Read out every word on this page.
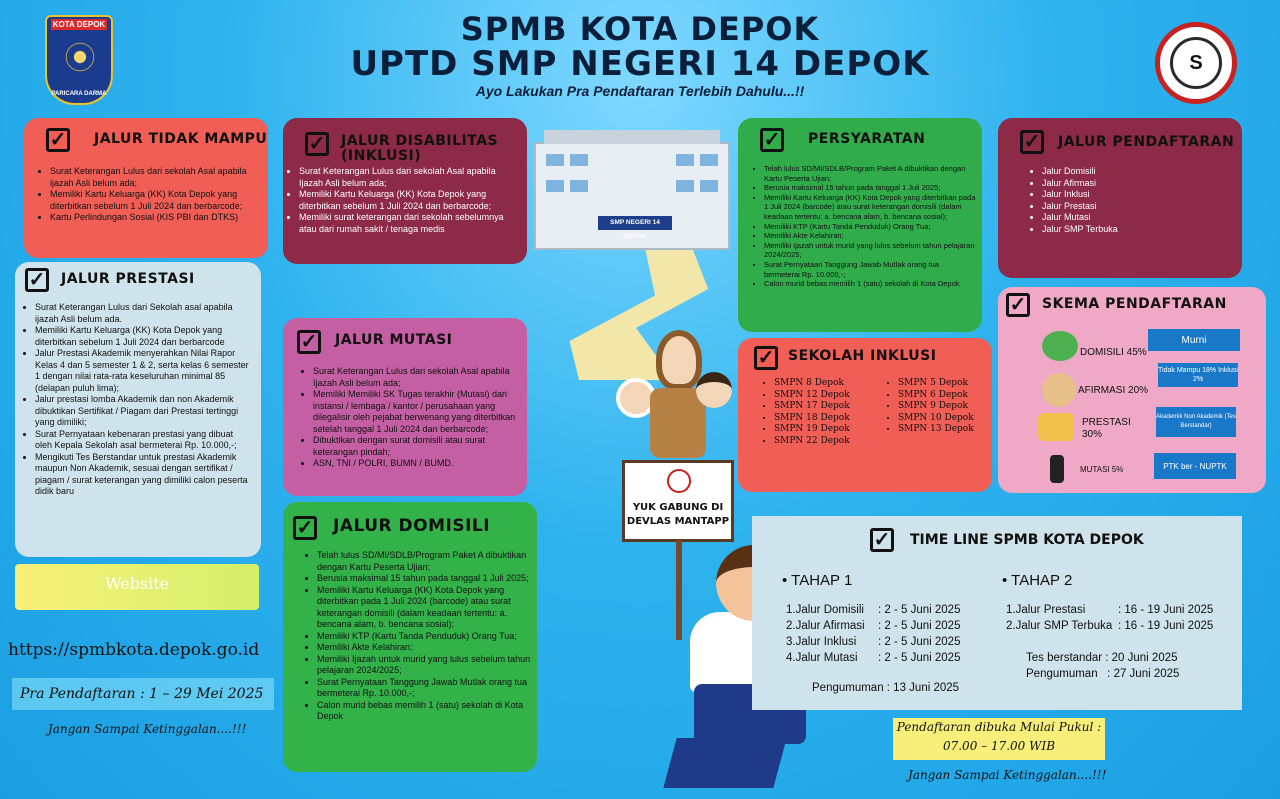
KOTA DEPOK
PARICARA DARMA
SPMB KOTA DEPOK
UPTD SMP NEGERI 14 DEPOK
Ayo Lakukan Pra Pendaftaran Terlebih Dahulu...!!
S
✓ JALUR TIDAK MAMPU
• Surat Keterangan Lulus dari sekolah Asal apabila ijazah Asli belum ada;
• Memiliki Kartu Keluarga (KK) Kota Depok yang diterbitkan sebelum 1 Juli 2024 dan berbarcode;
• Kartu Perlindungan Sosial (KIS PBI dan DTKS)
✓ JALUR DISABILITAS (INKLUSI)
• Surat Keterangan Lulus dari sekolah Asal apabila Ijazah Asli belum ada;
• Memiliki Kartu Keluarga (KK) Kota Depok yang diterbitkan sebelum 1 Juli 2024 dan berbarcode;
• Memiliki surat keterangan dari sekolah sebelumnya atau dari rumah sakit / tenaga medis
✓ JALUR PRESTASI
• Surat Keterangan Lulus dari Sekolah asal apabila ijazah Asli belum ada.
• Memiliki Kartu Keluarga (KK) Kota Depok yang diterbitkan sebelum 1 Juli 2024 dan berbarcode
• Jalur Prestasi Akademik menyerahkan Nilai Rapor Kelas 4 dan 5 semester 1 & 2, serta kelas 6 semester 1 dengan nilai rata-rata keseluruhan minimal 85 (delapan puluh lima);
• Jalur prestasi lomba Akademik dan non Akademik dibuktikan Sertifikat / Piagam dari Prestasi tertinggi yang dimiliki;
• Surat Pernyataan kebenaran prestasi yang dibuat oleh Kepala Sekolah asal bermeterai Rp. 10.000,-;
• Mengikuti Tes Berstandar untuk prestasi Akademik maupun Non Akademik, sesuai dengan sertifikat / piagam / surat keterangan yang dimiliki calon peserta didik baru
✓ JALUR MUTASI
• Surat Keterangan Lulus dari sekolah Asal apabila Ijazah Asli belum ada;
• Memiliki Memiliki SK Tugas terakhir (Mutasi) dari instansi / lembaga / kantor / perusahaan yang dilegalisir oleh pejabat berwenang yang diterbitkan setelah tanggal 1 Juli 2024 dan berbarcode;
• Dibuktikan dengan surat domisili atau surat keterangan pindah;
• ASN, TNI / POLRI, BUMN / BUMD.
✓ JALUR DOMISILI
• Telah lulus SD/MI/SDLB/Program Paket A dibuktikan dengan Kartu Peserta Ujian;
• Berusia maksimal 15 tahun pada tanggal 1 Juli 2025;
• Memiliki Kartu Keluarga (KK) Kota Depok yang diterbitkan pada 1 Juli 2024 (barcode) atau surat keterangan domisili (dalam keadaan tertentu: a. bencana alam, b. bencana sosial);
• Memiliki KTP (Kartu Tanda Penduduk) Orang Tua;
• Memiliki Akte Kelahiran;
• Memiliki Ijazah untuk murid yang lulus sebelum tahun pelajaran 2024/2025;
• Surat Pernyataan Tanggung Jawab Mutlak orang tua bermeterai Rp. 10.000,-;
• Calon murid bebas memilih 1 (satu) sekolah di Kota Depok
SMP NEGERI 14 DEPOK
YUK GABUNG DI
DEVLAS MANTAPP
✓ PERSYARATAN
• Telah lulus SD/MI/SDLB/Program Paket A dibuktikan dengan Kartu Peserta Ujian;
• Berusia maksimal 15 tahun pada tanggal 1 Juli 2025;
• Memiliki Kartu Keluarga (KK) Kota Depok yang diterbitkan pada 1 Juli 2024 (barcode) atau surat keterangan domisili (dalam keadaan tertentu: a. bencana alam, b. bencana sosial);
• Memiliki KTP (Kartu Tanda Penduduk) Orang Tua;
• Memiliki Akte Kelahiran;
• Memiliki Ijazah untuk murid yang lulus sebelum tahun pelajaran 2024/2025;
• Surat Pernyataan Tanggung Jawab Mutlak orang tua bermeterai Rp. 10.000,-;
• Calon murid bebas memilih 1 (satu) sekolah di Kota Depok
✓ SEKOLAH INKLUSI
• SMPN 8 Depok
• SMPN 12 Depok
• SMPN 17 Depok
• SMPN 18 Depok
• SMPN 19 Depok
• SMPN 22 Depok
• SMPN 5 Depok
• SMPN 6 Depok
• SMPN 9 Depok
• SMPN 10 Depok
• SMPN 13 Depok
✓ JALUR PENDAFTARAN
• Jalur Domisili
• Jalur Afirmasi
• Jalur Inklusi
• Jalur Prestasi
• Jalur Mutasi
• Jalur SMP Terbuka
✓ SKEMA PENDAFTARAN
DOMISILI 45%
Murni
AFIRMASI 20%
Tidak Mampu 18% Inklusi 2%
PRESTASI 30%
Akademik Non Akademik (Tes Berstandar)
MUTASI 5%	PTK ber - NUPTK
✓ TIME LINE SPMB KOTA DEPOK
• TAHAP 1
1.Jalur Domisili	: 2 - 5 Juni 2025
2.Jalur Afirmasi	: 2 - 5 Juni 2025
3.Jalur Inklusi	: 2 - 5 Juni 2025
4.Jalur Mutasi	: 2 - 5 Juni 2025
Pengumuman : 13 Juni 2025
• TAHAP 2
1.Jalur Prestasi	: 16 - 19 Juni 2025
2.Jalur SMP Terbuka : 16 - 19 Juni 2025
Tes berstandar : 20 Juni 2025
Pengumuman   : 27 Juni 2025
Website
https://spmbkota.depok.go.id
Pra Pendaftaran : 1 – 29 Mei 2025
Jangan Sampai Ketinggalan....!!!	Pendaftaran dibuka Mulai Pukul :
07.00 – 17.00 WIB
Jangan Sampai Ketinggalan....!!!
